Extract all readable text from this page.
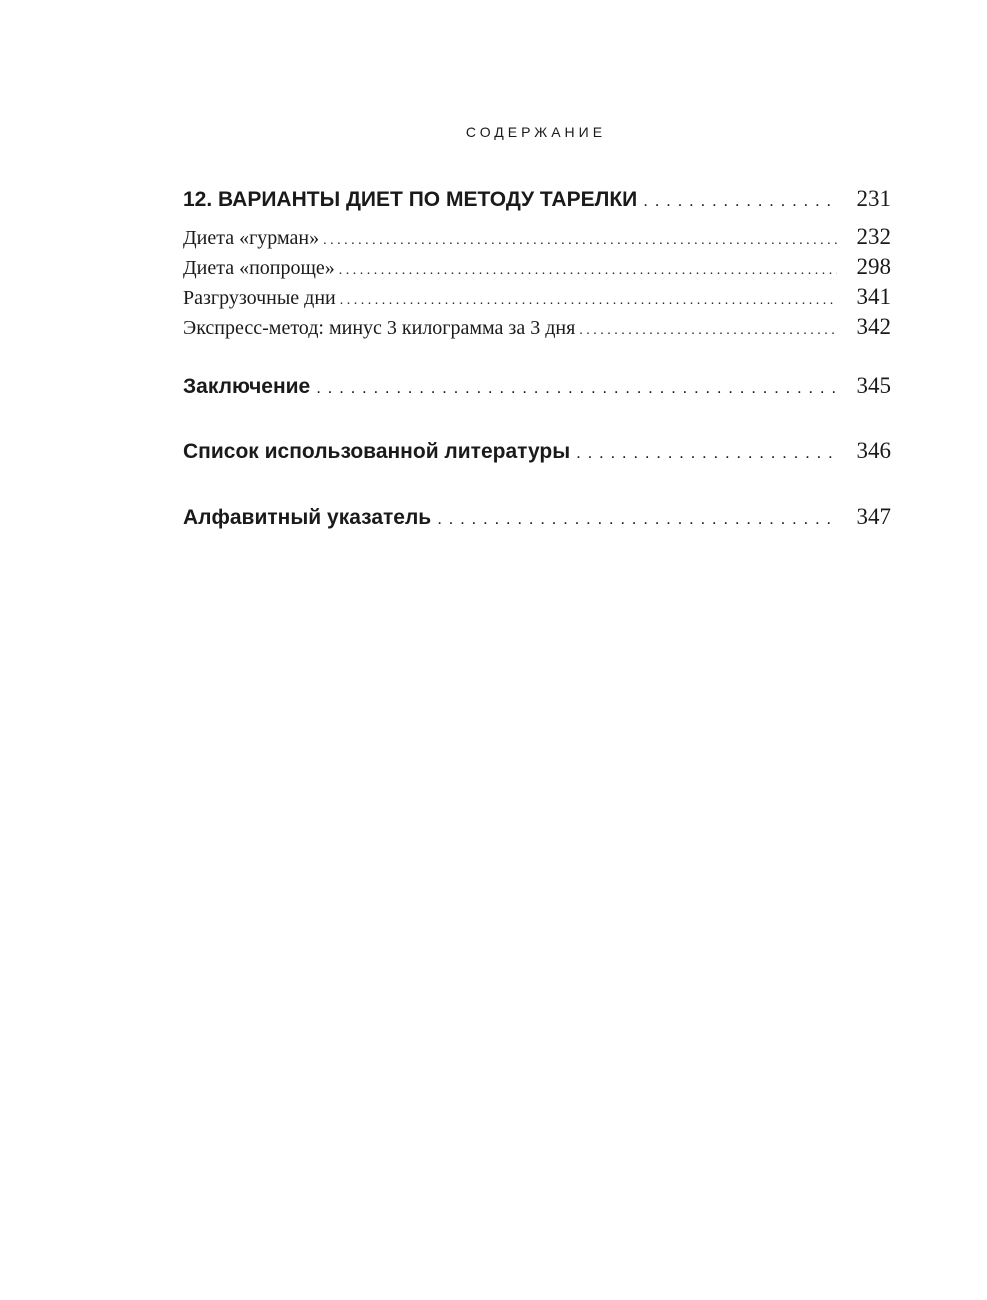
СОДЕРЖАНИЕ
12. ВАРИАНТЫ ДИЕТ ПО МЕТОДУ ТАРЕЛКИ . . .	231
Диета «гурман» . . .	232
Диета «попроще» . . .	298
Разгрузочные дни . . .	341
Экспресс-метод: минус 3 килограмма за 3 дня . . .	342
Заключение . . .	345
Список использованной литературы . . .	346
Алфавитный указатель . . .	347
